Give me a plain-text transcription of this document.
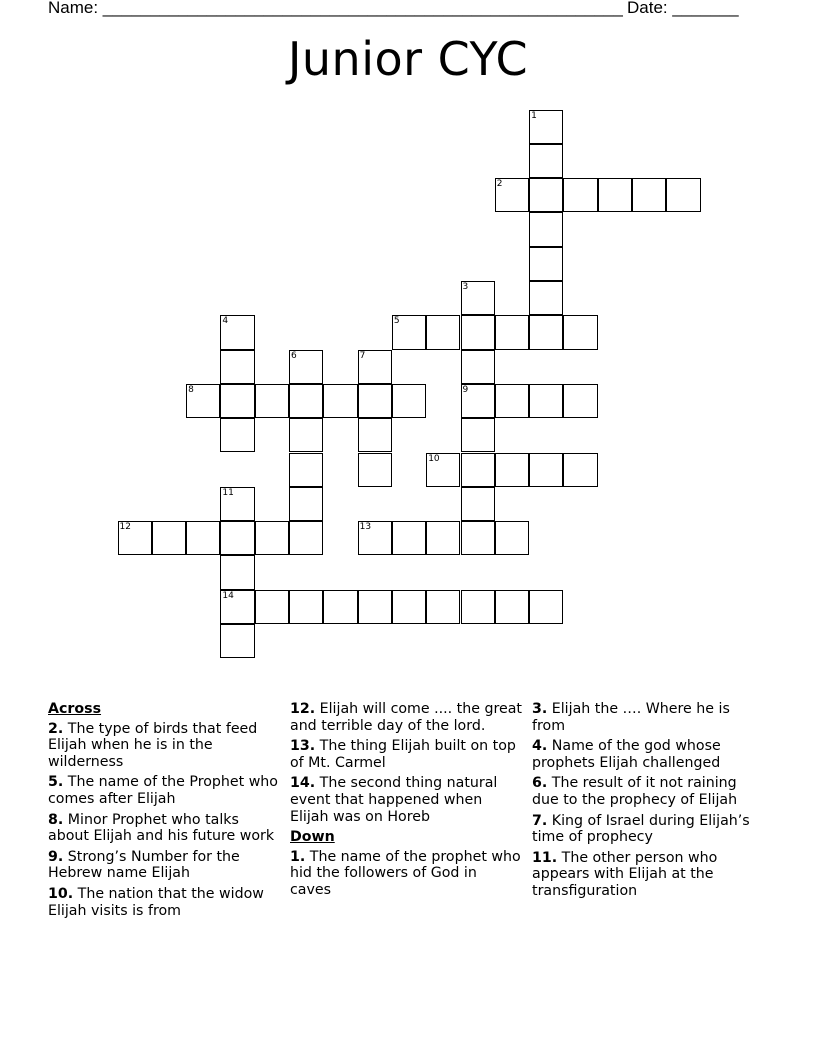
Name: _______________________________________________________ Date: _______
Junior CYC
1
2
3
9
4	5
6	7
8
10
11
14
12	13
Across
2. The type of birds that feed Elijah when he is in the wilderness
5. The name of the Prophet who comes after Elijah
8. Minor Prophet who talks about Elijah and his future work
9. Strong’s Number for the Hebrew name Elijah
10. The nation that the widow Elijah visits is from
12. Elijah will come .... the great and terrible day of the lord.
13. The thing Elijah built on top of Mt. Carmel
14. The second thing natural event that happened when Elijah was on Horeb
Down
1. The name of the prophet who hid the followers of God in caves
3. Elijah the …. Where he is from
4. Name of the god whose prophets Elijah challenged
6. The result of it not raining due to the prophecy of Elijah
7. King of Israel during Elijah’s time of prophecy
11. The other person who appears with Elijah at the transfiguration
